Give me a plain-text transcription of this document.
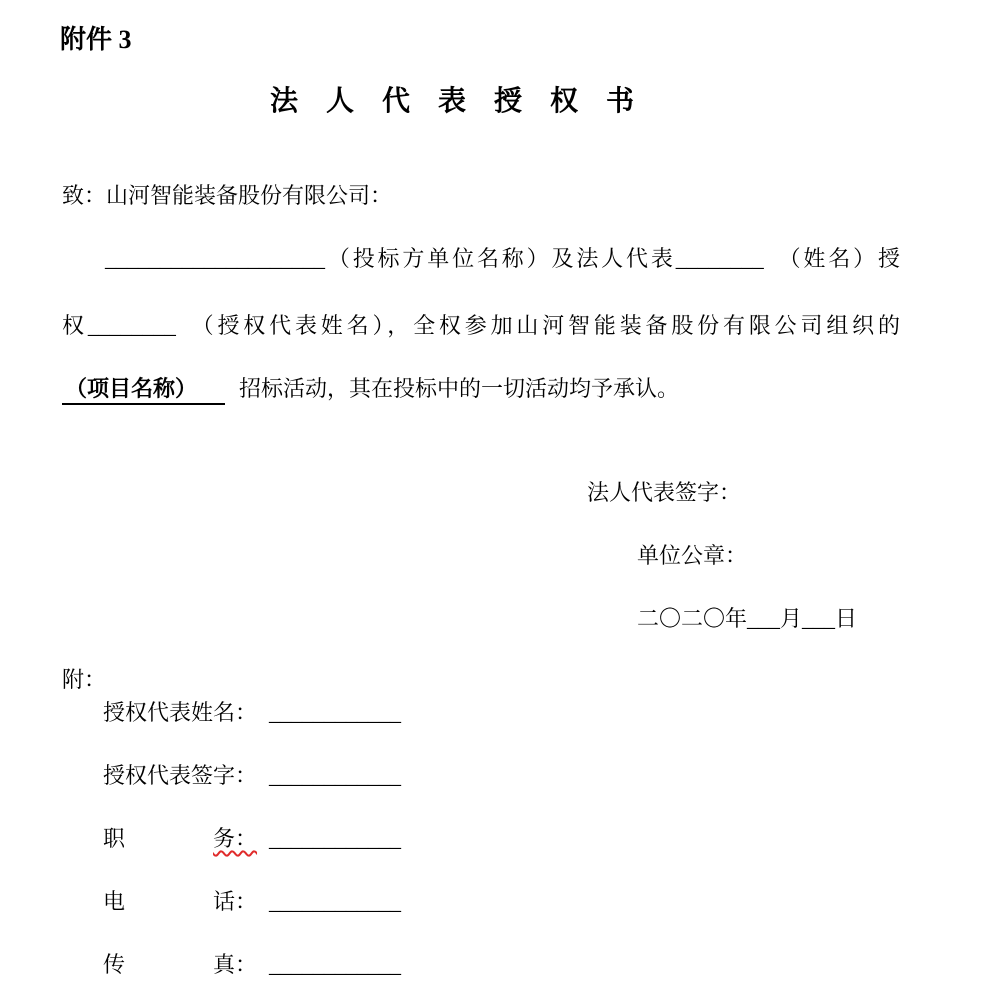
附件 3
法　人　代　表　授　权　书
致：山河智能装备股份有限公司：
____________________（投标方单位名称）及法人代表________ （姓名）授
权________ （授权代表姓名），全权参加山河智能装备股份有限公司组织的
（项目名称） 招标活动，其在投标中的一切活动均予承认。
法人代表签字：
单位公章：
二〇二〇年___月___日
附：
授权代表姓名： ____________
授权代表签字： ____________
职　　　　务： ____________
电　　　　话： ____________
传　　　　真： ____________
